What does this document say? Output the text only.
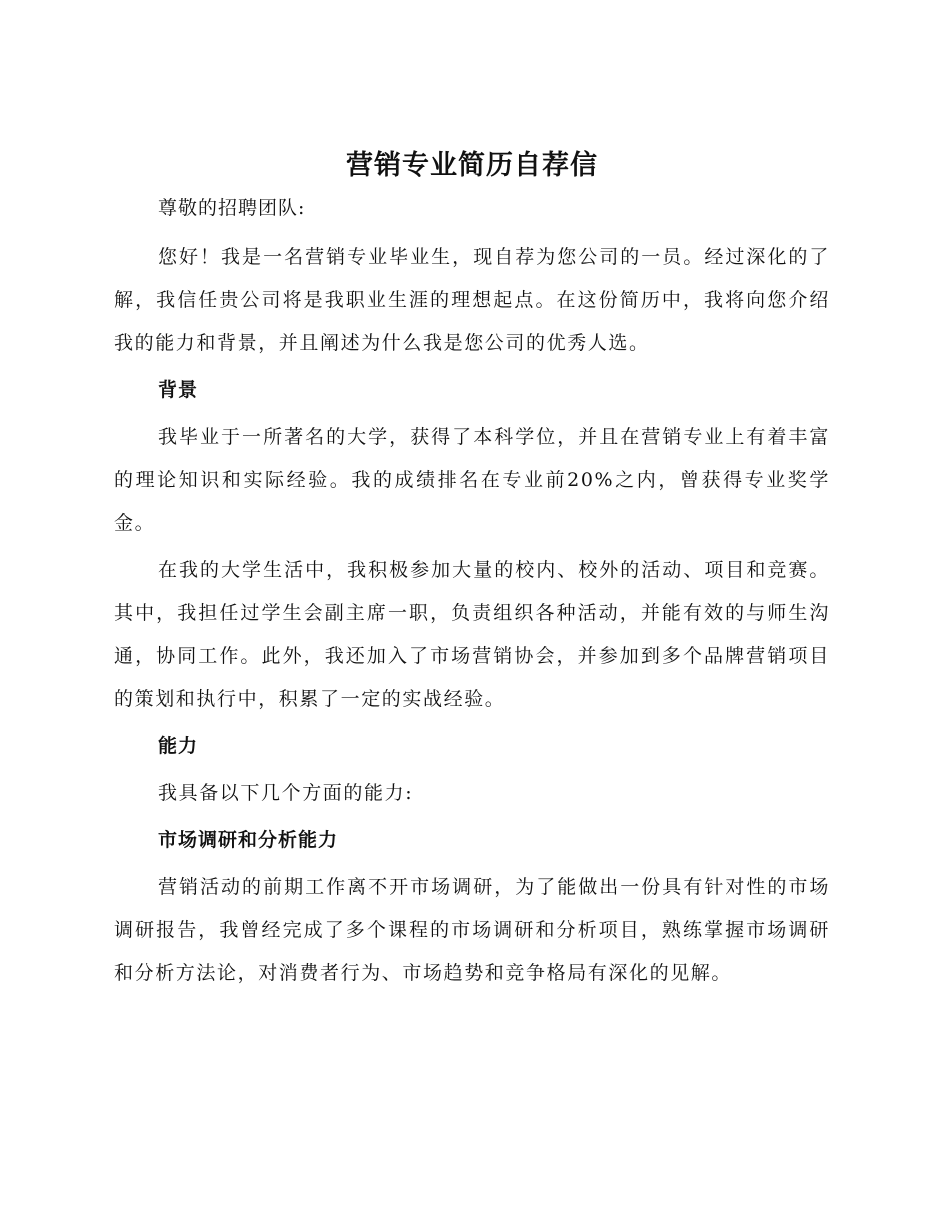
营销专业简历自荐信

尊敬的招聘团队:

您好！我是一名营销专业毕业生，现自荐为您公司的一员。经过深化的了解，我信任贵公司将是我职业生涯的理想起点。在这份简历中，我将向您介绍我的能力和背景，并且阐述为什么我是您公司的优秀人选。

背景

我毕业于一所著名的大学，获得了本科学位，并且在营销专业上有着丰富的理论知识和实际经验。我的成绩排名在专业前20%之内，曾获得专业奖学金。

在我的大学生活中，我积极参加大量的校内、校外的活动、项目和竞赛。其中，我担任过学生会副主席一职，负责组织各种活动，并能有效的与师生沟通，协同工作。此外，我还加入了市场营销协会，并参加到多个品牌营销项目的策划和执行中，积累了一定的实战经验。

能力

我具备以下几个方面的能力:

市场调研和分析能力

营销活动的前期工作离不开市场调研，为了能做出一份具有针对性的市场调研报告，我曾经完成了多个课程的市场调研和分析项目，熟练掌握市场调研和分析方法论，对消费者行为、市场趋势和竞争格局有深化的见解。
